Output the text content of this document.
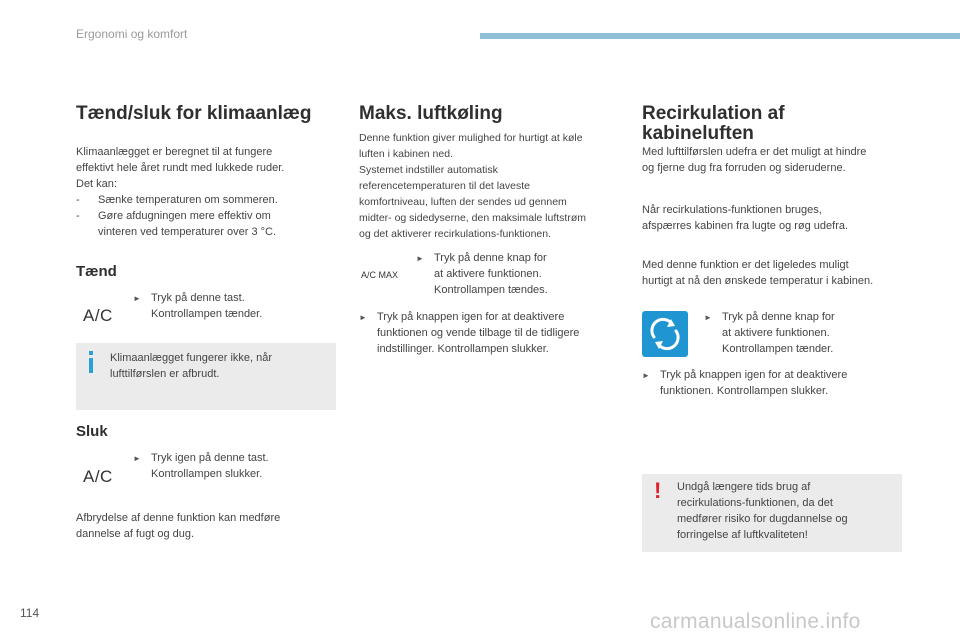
Ergonomi og komfort
Tænd/sluk for klimaanlæg
Klimaanlægget er beregnet til at fungere
effektivt hele året rundt med lukkede ruder.
Det kan:
-	Sænke temperaturen om sommeren.
-	Gøre afdugningen mere effektiv om
vinteren ved temperaturer over 3 °C.
Tænd
A/C
► Tryk på denne tast.
Kontrollampen tænder.
Klimaanlægget fungerer ikke, når
lufttilførslen er afbrudt.
Sluk
A/C
► Tryk igen på denne tast.
Kontrollampen slukker.
Afbrydelse af denne funktion kan medføre
dannelse af fugt og dug.
Maks. luftkøling
Denne funktion giver mulighed for hurtigt at køle
luften i kabinen ned.
Systemet indstiller automatisk
referencetemperaturen til det laveste
komfortniveau, luften der sendes ud gennem
midter- og sidedyserne, den maksimale luftstrøm
og det aktiverer recirkulations-funktionen.
A/C MAX
► Tryk på denne knap for
at aktivere funktionen.
Kontrollampen tændes.
► Tryk på knappen igen for at deaktivere
funktionen og vende tilbage til de tidligere
indstillinger. Kontrollampen slukker.
Recirkulation af
kabineluften
Med lufttilførslen udefra er det muligt at hindre
og fjerne dug fra forruden og sideruderne.
Når recirkulations-funktionen bruges,
afspærres kabinen fra lugte og røg udefra.
Med denne funktion er det ligeledes muligt
hurtigt at nå den ønskede temperatur i kabinen.
► Tryk på denne knap for
at aktivere funktionen.
Kontrollampen tænder.
► Tryk på knappen igen for at deaktivere
funktionen. Kontrollampen slukker.
! Undgå længere tids brug af
recirkulations-funktionen, da det
medfører risiko for dugdannelse og
forringelse af luftkvaliteten!
114	carmanualsonline.info
